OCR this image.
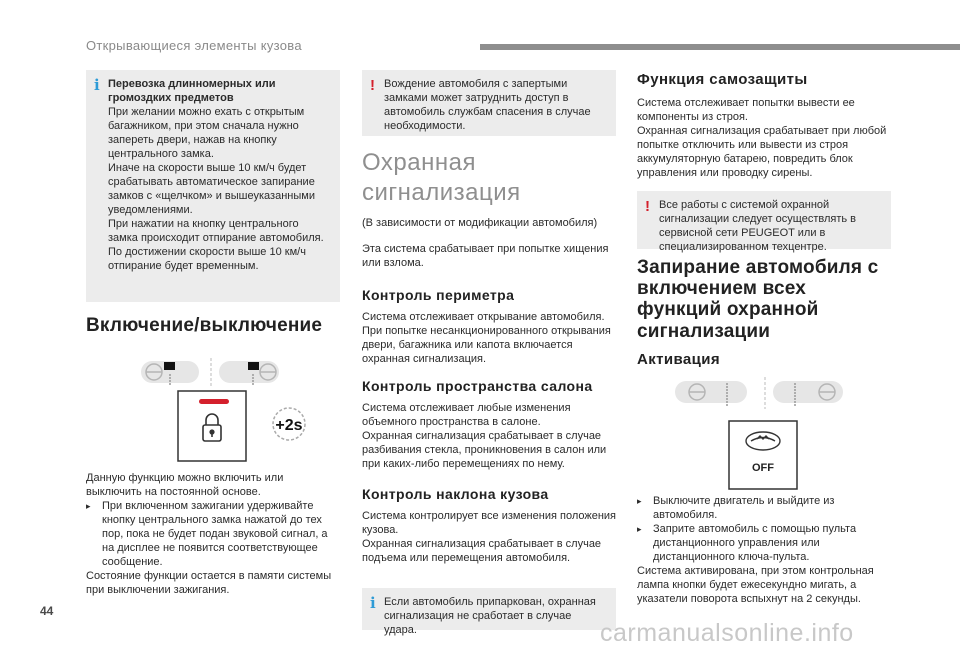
Открывающиеся элементы кузова
i Перевозка длинномерных или громоздких предметов

При желании можно ехать с открытым багажником, при этом сначала нужно запереть двери, нажав на кнопку центрального замка.

Иначе на скорости выше 10 км/ч будет срабатывать автоматическое запирание замков с «щелчком» и вышеуказанными уведомлениями.

При нажатии на кнопку центрального замка происходит отпирание автомобиля.

По достижении скорости выше 10 км/ч отпирание будет временным.

Включение/выключение
+2s

Данную функцию можно включить или выключить на постоянной основе.

▸	При включенном зажигании удерживайте кнопку центрального замка нажатой до тех пор, пока не будет подан звуковой сигнал, а на дисплее не появится соответствующее сообщение.

Состояние функции остается в памяти системы при выключении зажигания.

! Вождение автомобиля с запертыми замками может затруднить доступ в автомобиль службам спасения в случае необходимости.

Охранная сигнализация

(В зависимости от модификации автомобиля)

Эта система срабатывает при попытке хищения или взлома.

Контроль периметра

Система отслеживает открывание автомобиля. При попытке несанкционированного открывания двери, багажника или капота включается охранная сигнализация.

Контроль пространства салона

Система отслеживает любые изменения объемного пространства в салоне.

Охранная сигнализация срабатывает в случае разбивания стекла, проникновения в салон или при каких-либо перемещениях по нему.

Контроль наклона кузова

Система контролирует все изменения положения кузова.

Охранная сигнализация срабатывает в случае подъема или перемещения автомобиля.

i Если автомобиль припаркован, охранная сигнализация не сработает в случае удара.

Функция самозащиты

Система отслеживает попытки вывести ее компоненты из строя.

Охранная сигнализация срабатывает при любой попытке отключить или вывести из строя аккумуляторную батарею, повредить блок управления или проводку сирены.

! Все работы с системой охранной сигнализации следует осуществлять в сервисной сети PEUGEOT или в специализированном техцентре.

Запирание автомобиля с включением всех функций охранной сигнализации
Активация
OFF
▸	Выключите двигатель и выйдите из автомобиля.
▸	Заприте автомобиль с помощью пульта дистанционного управления или дистанционного ключа-пульта.

Система активирована, при этом контрольная лампа кнопки будет ежесекундно мигать, а указатели поворота вспыхнут на 2 секунды.

44
carmanualsonline.info
